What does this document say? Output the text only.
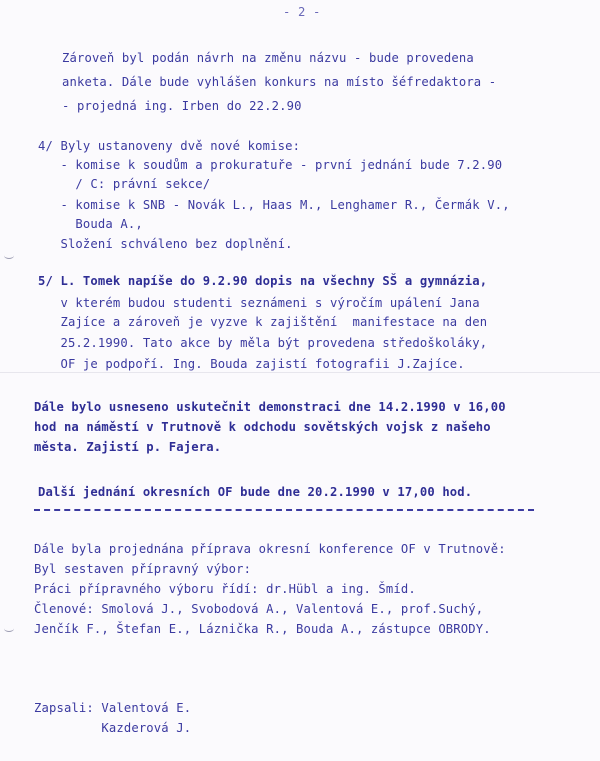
- 2 -
Zároveň byl podán návrh na změnu názvu - bude provedena
anketa. Dále bude vyhlášen konkurs na místo šéfredaktora -
- projedná ing. Irben do 22.2.90
4/ Byly ustanoveny dvě nové komise:
- komise k soudům a prokuratuře - první jednání bude 7.2.90
/ C: právní sekce/
- komise k SNB - Novák L., Haas M., Lenghamer R., Čermák V.,
Bouda A.,
Složení schváleno bez doplnění.
5/ L. Tomek napíše do 9.2.90 dopis na všechny SŠ a gymnázia,
v kterém budou studenti seznámeni s výročím upálení Jana
Zajíce a zároveň je vyzve k zajištění  manifestace na den
25.2.1990. Tato akce by měla být provedena středoškoláky,
OF je podpoří. Ing. Bouda zajistí fotografii J.Zajíce.
Dále bylo usneseno uskutečnit demonstraci dne 14.2.1990 v 16,00
hod na náměstí v Trutnově k odchodu sovětských vojsk z našeho
města. Zajistí p. Fajera.
Další jednání okresních OF bude dne 20.2.1990 v 17,00 hod.
Dále byla projednána příprava okresní konference OF v Trutnově:
Byl sestaven přípravný výbor:
Práci přípravného výboru řídí: dr.Hübl a ing. Šmíd.
Členové: Smolová J., Svobodová A., Valentová E., prof.Suchý,
Jenčík F., Štefan E., Láznička R., Bouda A., zástupce OBRODY.
Zapsali: Valentová E.
Kazderová J.
